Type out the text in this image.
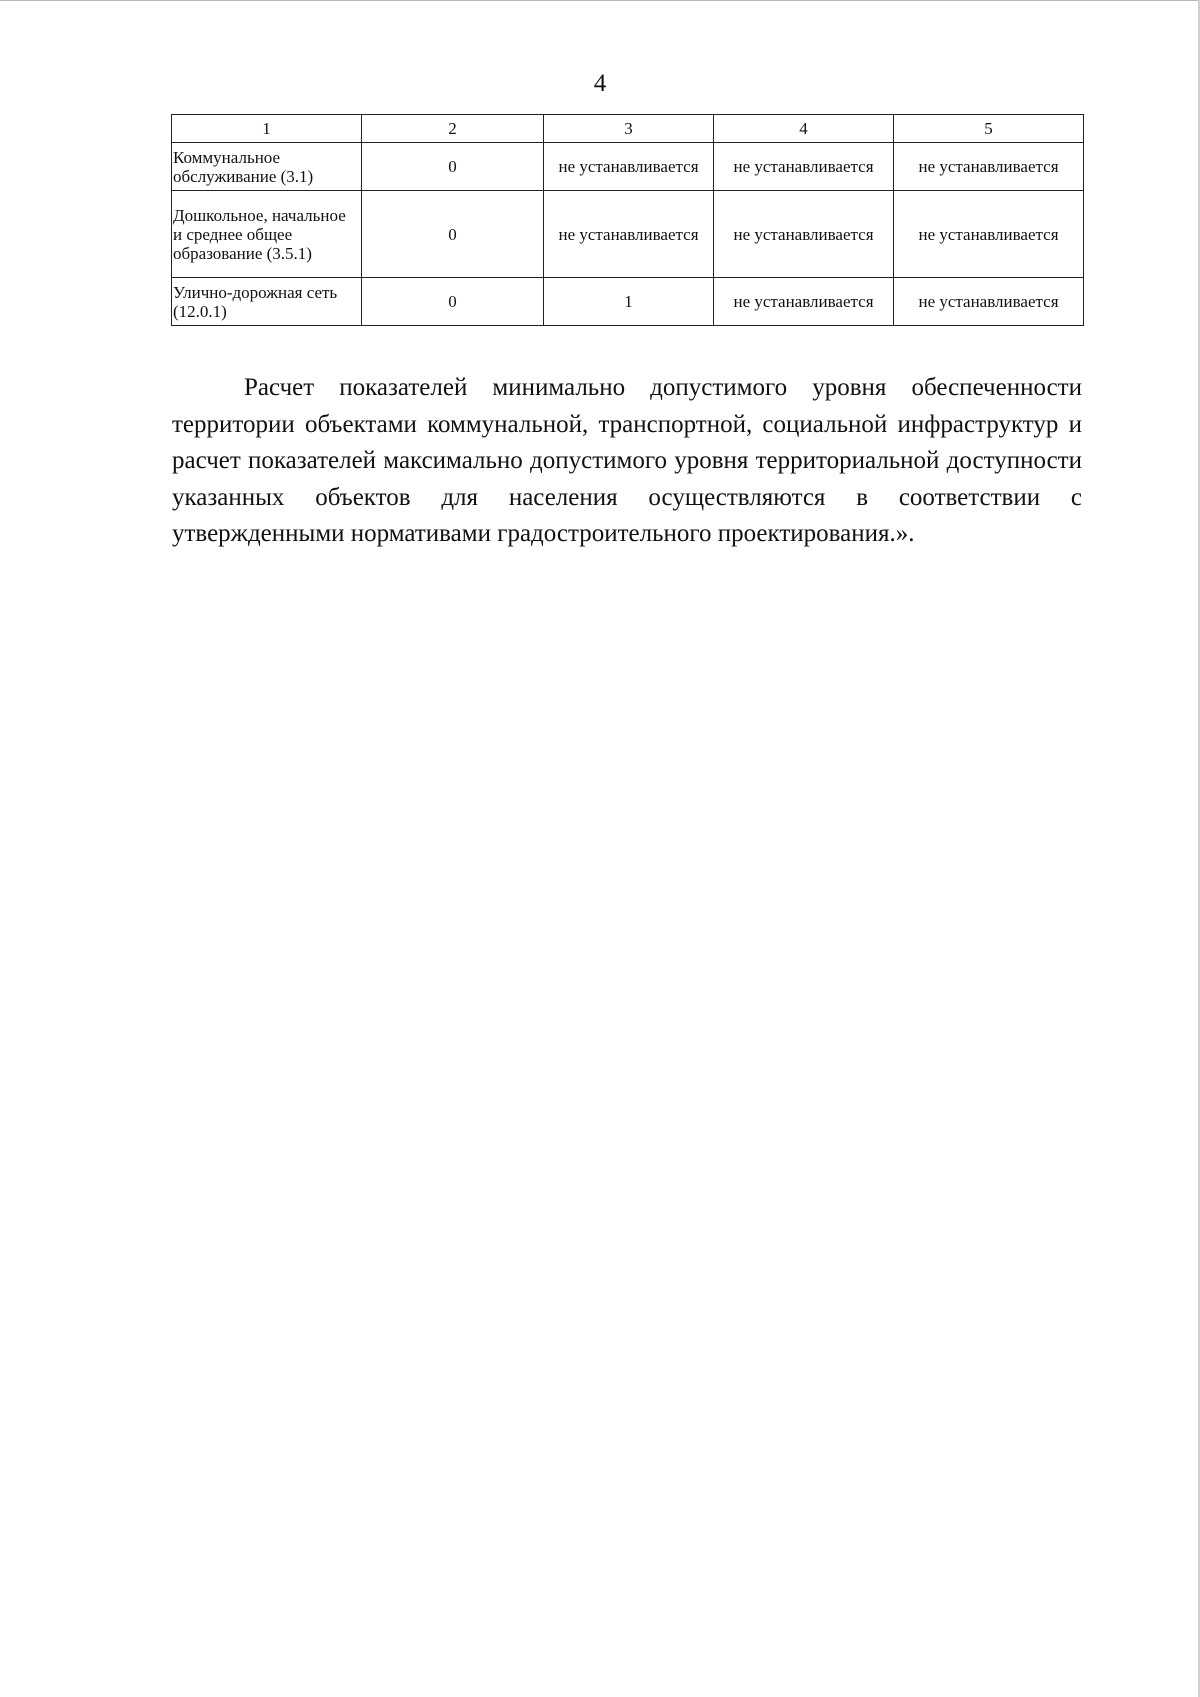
4
1	2	3	4	5
Коммунальное обслуживание (3.1)	0	не устанавливается	не устанавливается	не устанавливается
Дошкольное, начальное и среднее общее образование (3.5.1)	0	не устанавливается	не устанавливается	не устанавливается
Улично-дорожная сеть (12.0.1)	0	1	не устанавливается	не устанавливается

Расчет показателей минимально допустимого уровня обеспеченности территории объектами коммунальной, транспортной, социальной инфраструктур и расчет показателей максимально допустимого уровня территориальной доступности указанных объектов для населения осуществляются в соответствии с утвержденными нормативами градостроительного проектирования.».
